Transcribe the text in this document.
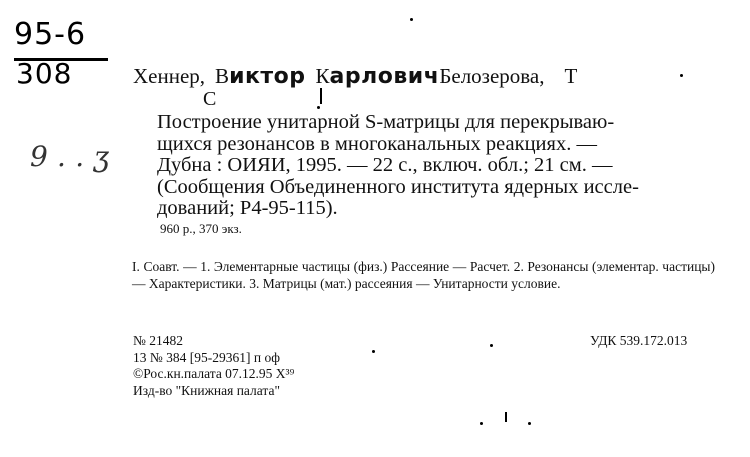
95-6
308
9 ․ ․ ʒ
Хеннер, Виктор КарловичБелозерова, Т
С

Построение унитарной S-матрицы для перекрываю-

щихся резонансов в многоканальных реакциях. —

Дубна : ОИЯИ, 1995. — 22 с., включ. обл.; 21 см. —

(Сообщения Объединенного института ядерных иссле-

дований; Р4-95-115).

960 р., 370 экз.
I. Соавт. — 1. Элементарные частицы (физ.) Рассеяние — Расчет. 2. Резонансы (элементар. частицы) — Характеристики. 3. Матрицы (мат.) рассеяния — Унитарности условие.
№ 21482
13 № 384 [95-29361] п оф
©Рос.кн.палата 07.12.95 Х³⁹
Изд-во "Книжная палата"
УДК 539.172.013
